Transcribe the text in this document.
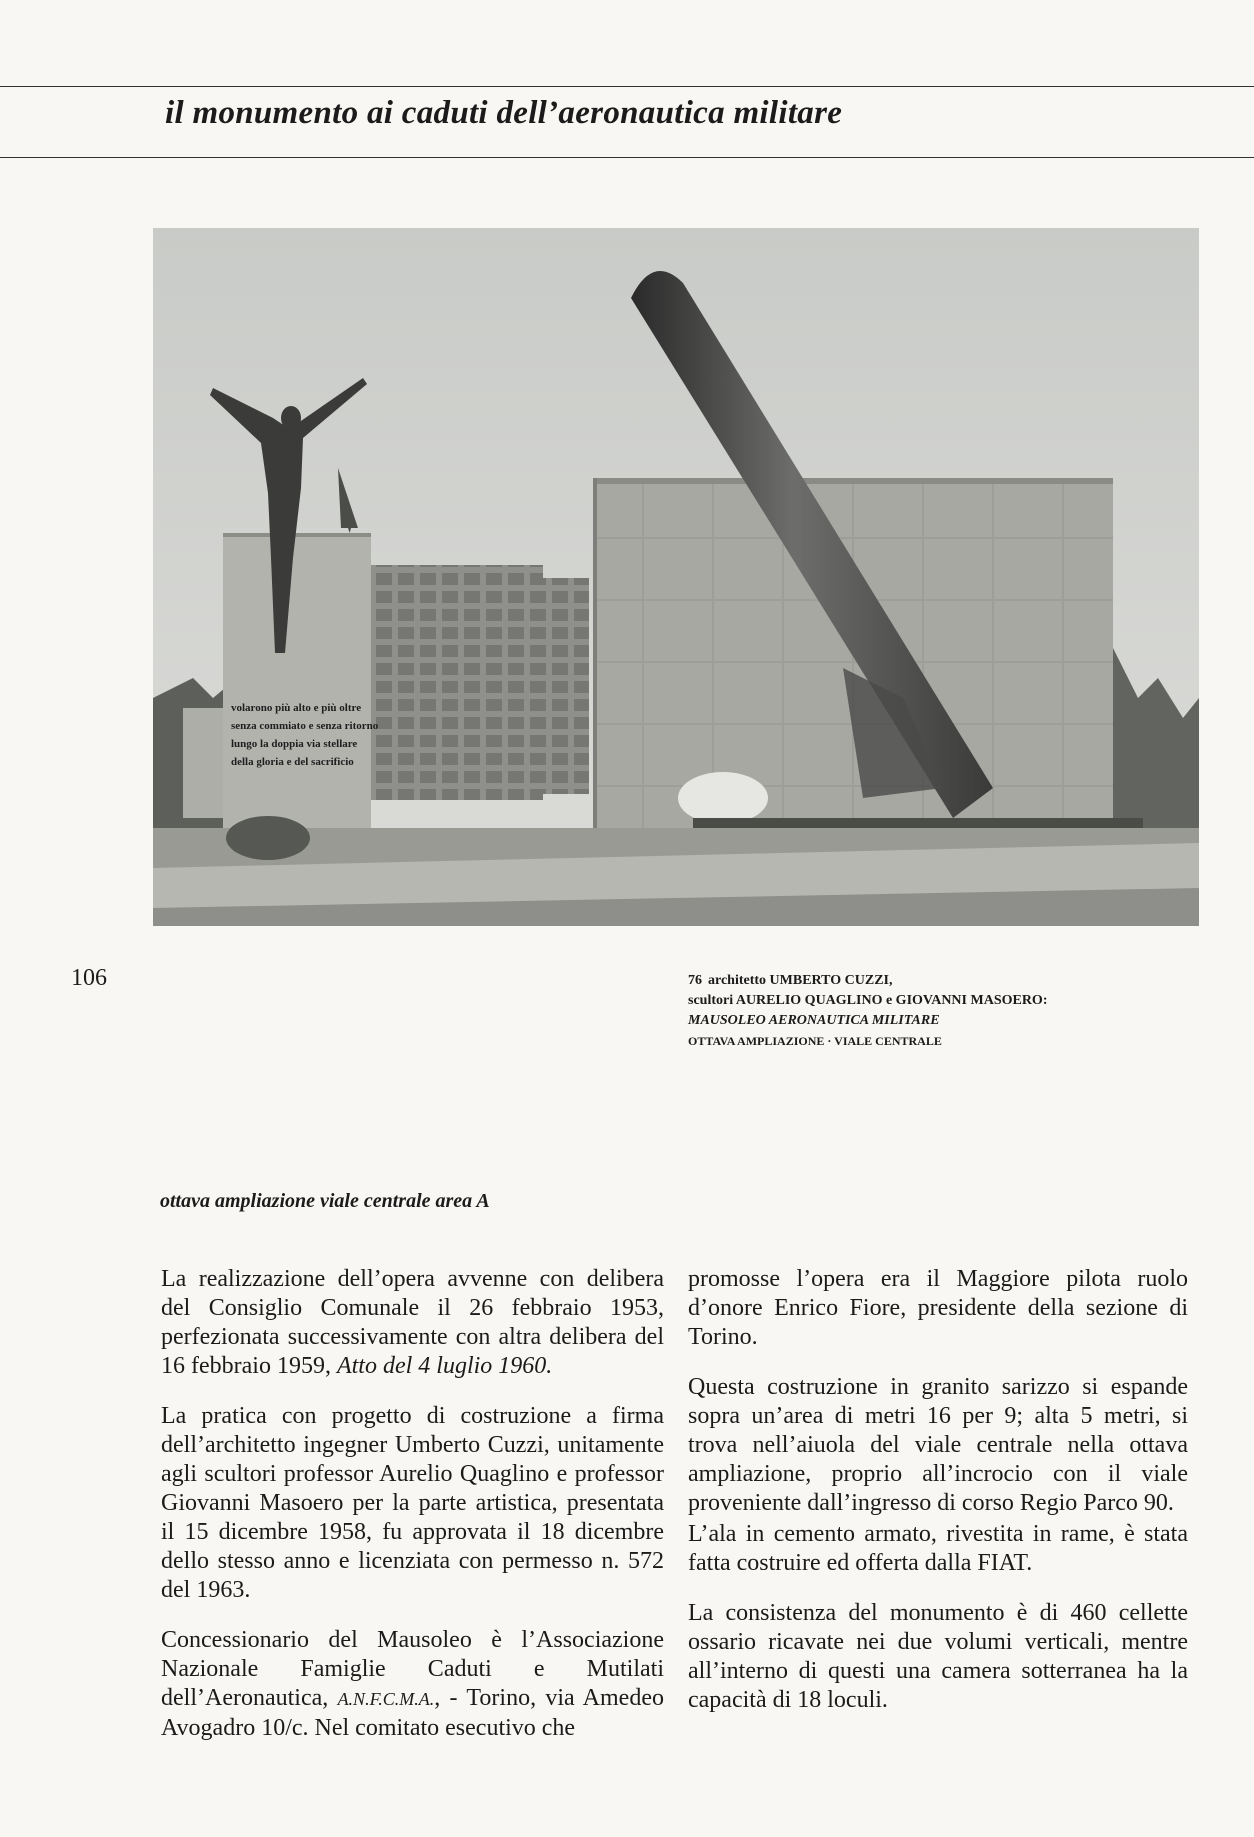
il monumento ai caduti dell’aeronautica militare
volarono più alto e più oltre
senza commiato e senza ritorno
lungo la doppia via stellare
della gloria e del sacrificio
106	76 architetto UMBERTO CUZZI,
scultori AURELIO QUAGLINO e GIOVANNI MASOERO:
MAUSOLEO AERONAUTICA MILITARE
OTTAVA AMPLIAZIONE · VIALE CENTRALE
ottava ampliazione viale centrale area A

La realizzazione dell’opera avvenne con delibera del Consiglio Comunale il 26 febbraio 1953, perfezionata successivamente con altra delibera del 16 febbraio 1959, Atto del 4 luglio 1960.

La pratica con progetto di costruzione a firma dell’architetto ingegner Umberto Cuzzi, unitamente agli scultori professor Aurelio Quaglino e professor Giovanni Masoero per la parte artistica, presentata il 15 dicembre 1958, fu approvata il 18 dicembre dello stesso anno e licenziata con permesso n. 572 del 1963.

Concessionario del Mausoleo è l’Associazione Nazionale Famiglie Caduti e Mutilati dell’Aeronautica, A.N.F.C.M.A., - Torino, via Amedeo Avogadro 10/c. Nel comitato esecutivo che

promosse l’opera era il Maggiore pilota ruolo d’onore Enrico Fiore, presidente della sezione di Torino.

Questa costruzione in granito sarizzo si espande sopra un’area di metri 16 per 9; alta 5 metri, si trova nell’aiuola del viale centrale nella ottava ampliazione, proprio all’incrocio con il viale proveniente dall’ingresso di corso Regio Parco 90.

L’ala in cemento armato, rivestita in rame, è stata fatta costruire ed offerta dalla FIAT.

La consistenza del monumento è di 460 cellette ossario ricavate nei due volumi verticali, mentre all’interno di questi una camera sotterranea ha la capacità di 18 loculi.
